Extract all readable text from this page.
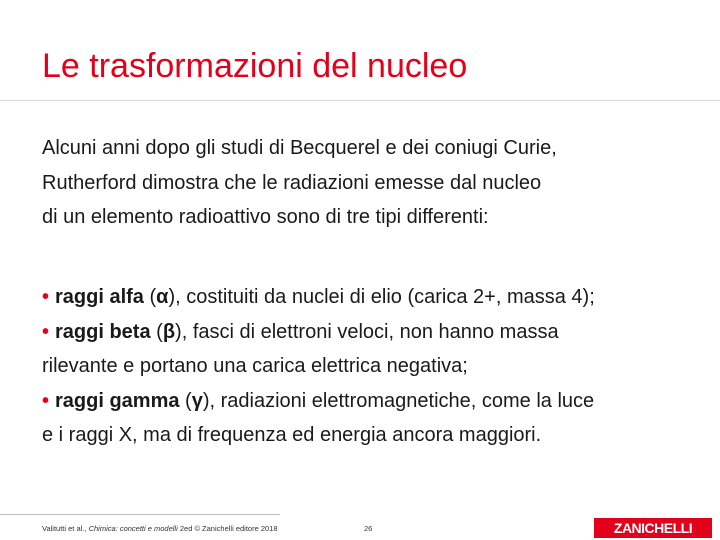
Le trasformazioni del nucleo
Alcuni anni dopo gli studi di Becquerel e dei coniugi Curie,
Rutherford dimostra che le radiazioni emesse dal nucleo
di un elemento radioattivo sono di tre tipi differenti:
• raggi alfa (α), costituiti da nuclei di elio (carica 2+, massa 4);
• raggi beta (β), fasci di elettroni veloci, non hanno massa
rilevante e portano una carica elettrica negativa;
• raggi gamma (γ), radiazioni elettromagnetiche, come la luce
e i raggi X, ma di frequenza ed energia ancora maggiori.
Valitutti et al., Chimica: concetti e modelli 2ed © Zanichelli editore 2018	26	ZANICHELLI
